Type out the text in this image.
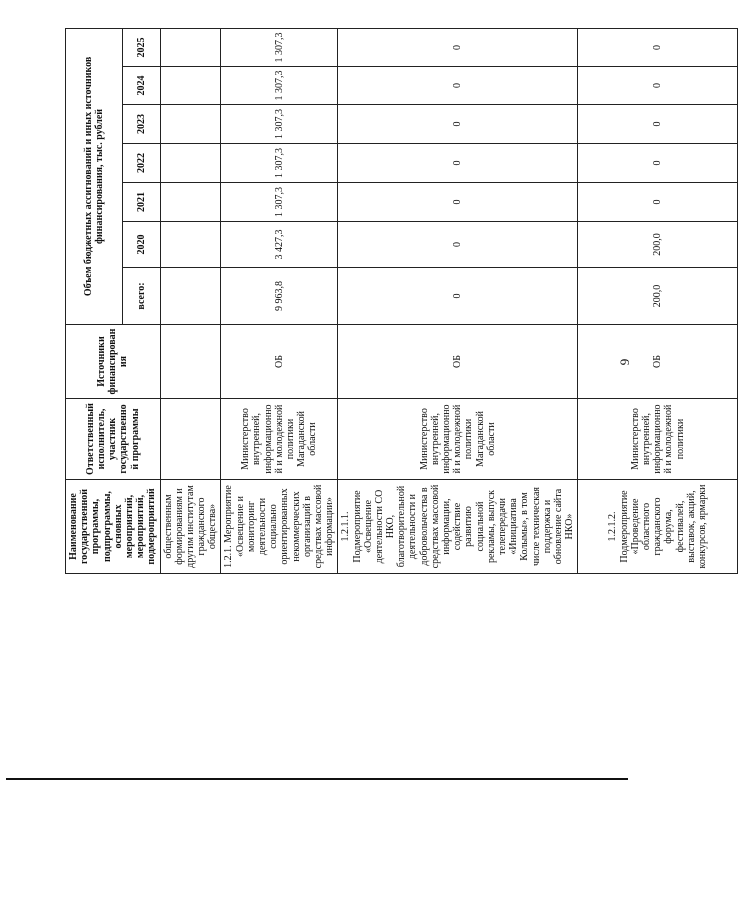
Наименование государственной программы, подпрограммы, основных мероприятий, мероприятий, подмероприятий	Ответственный исполнитель, участник государственной программы	Источники финансирования	Объем бюджетных ассигнований и иных источников финансирования, тыс. рублей						
			всего:	2020	2021	2022	2023	2024	2025
общественным формированиям и другим институтам гражданского общества»									
1.2.1. Мероприятие «Освещение и мониторинг деятельности социально ориентированных некоммерческих организаций в средствах массовой информации»	Министерство внутренней, информационной и молодежной политики Магаданской области	ОБ	9 963,8	3 427,3	1 307,3	1 307,3	1 307,3	1 307,3	1 307,3
1.2.1.1. Подмероприятие «Освещение деятельности СО НКО, благотворительной деятельности и добровольчества в средствах массовой информации, содействие развитию социальной рекламы, выпуск телепередачи «Инициатива Колымы», в том числе техническая поддержка и обновление сайта НКО»	Министерство внутренней, информационной и молодежной политики Магаданской области	ОБ	0	0	0	0	0	0	0
1.2.1.2. Подмероприятие «Проведение областного гражданского форума, фестивалей, выставок, акций, конкурсов, ярмарки	Министерство внутренней, информационной и молодежной политики	ОБ	200,0	200,0	0	0	0	0	0
9
